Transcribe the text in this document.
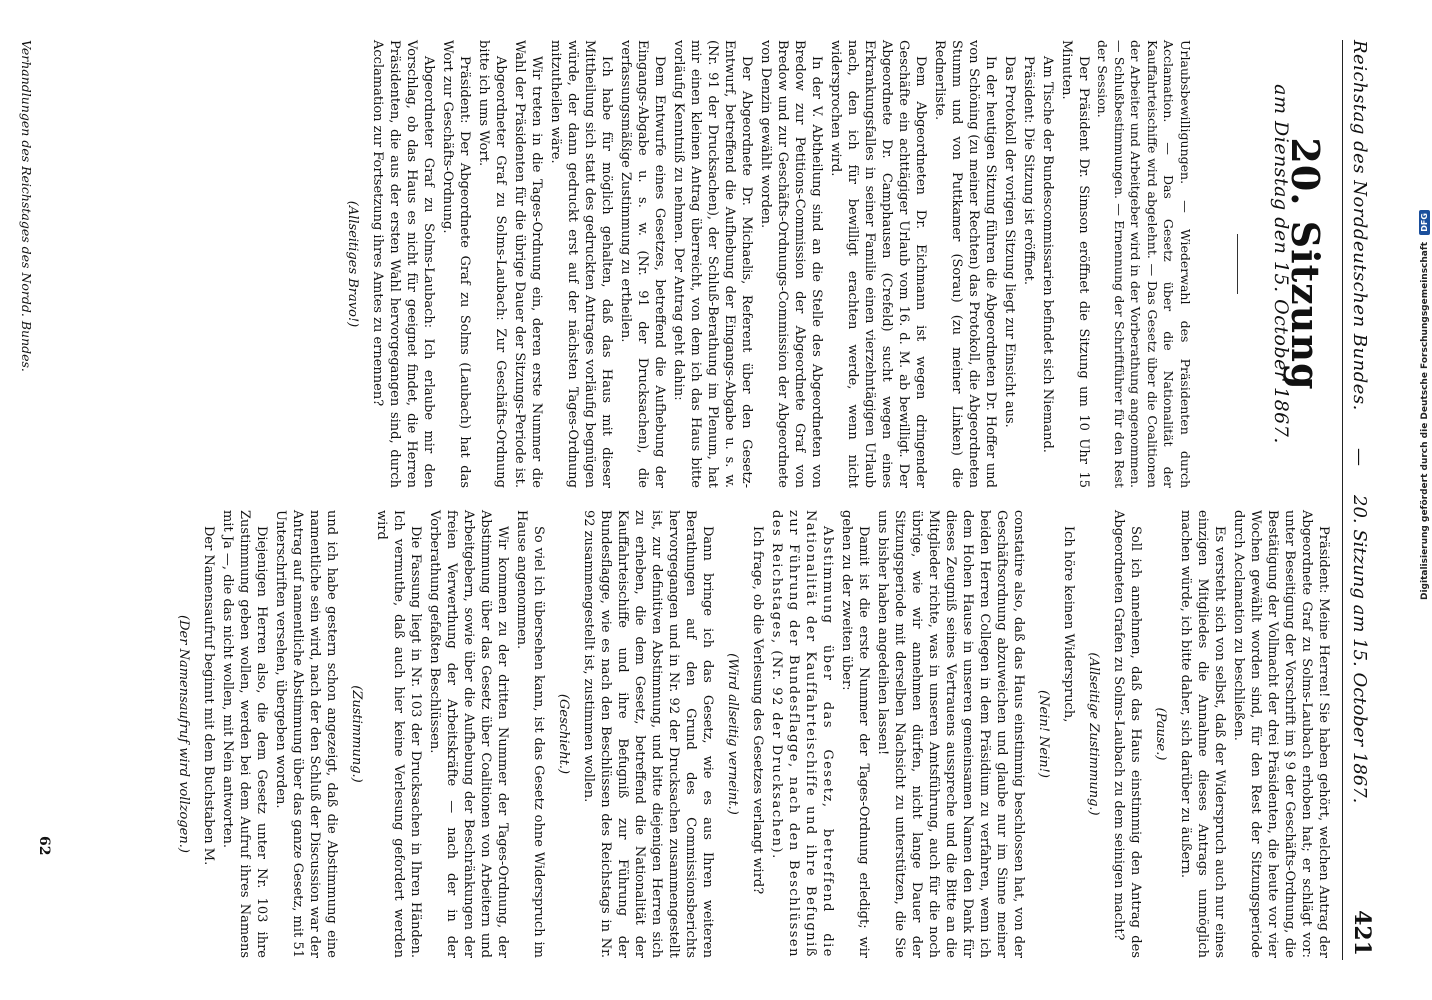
Reichstag des Norddeutschen Bundes.
—
20. Sitzung am 15. October 1867.
421
20. Sitzung
am Dienstag den 15. October 1867.

Urlaubsbewilligungen. — Wiederwahl des Präsidenten durch Acclamation. — Das Gesetz über die Nationalität der Kauffahrteischiffe wird abgelehnt. — Das Gesetz über die Coalitionen der Arbeiter und Arbeitgeber wird in der Vorberathung angenommen. — Schlußbestimmungen. — Ernennung der Schriftführer für den Rest der Session.

Der Präsident Dr. Simson eröffnet die Sitzung um 10 Uhr 15 Minuten.

Am Tische der Bundescommissarien befindet sich Niemand.

Präsident: Die Sitzung ist eröffnet.

Das Protokoll der vorigen Sitzung liegt zur Einsicht aus.

In der heutigen Sitzung führen die Abgeordneten Dr. Hoffer und von Schöning (zu meiner Rechten) das Protokoll, die Abgeordneten Stumm und von Puttkamer (Sorau) (zu meiner Linken) die Rednerliste.

Dem Abgeordneten Dr. Eichmann ist wegen dringender Geschäfte ein achttägiger Urlaub vom 16. d. M. ab bewilligt. Der Abgeordnete Dr. Camphausen (Crefeld) sucht wegen eines Erkrankungsfalles in seiner Familie einen vierzehntägigen Urlaub nach, den ich für bewilligt erachten werde, wenn nicht widersprochen wird.

In der V. Abtheilung sind an die Stelle des Abgeordneten von Bredow zur Petitions-Commission der Abgeordnete Graf von Bredow und zur Geschäfts-Ordnungs-Commission der Abgeordnete von Denzin gewählt worden.

Der Abgeordnete Dr. Michaelis, Referent über den Gesetz-Entwurf, betreffend die Aufhebung der Eingangs-Abgabe u. s. w. (Nr. 91 der Drucksachen), der Schluß-Berathung im Plenum, hat mir einen kleinen Antrag überreicht, von dem ich das Haus bitte vorläufig Kenntniß zu nehmen. Der Antrag geht dahin:

Dem Entwurfe eines Gesetzes, betreffend die Aufhebung der Eingangs-Abgabe u. s. w. (Nr. 91 der Drucksachen), die verfassungsmäßige Zustimmung zu ertheilen.

Ich habe für möglich gehalten, daß das Haus mit dieser Mittheilung sich statt des gedruckten Antrages vorläufig begnügen würde, der dann gedruckt erst auf der nächsten Tages-Ordnung mitzutheilen wäre.

Wir treten in die Tages-Ordnung ein, deren erste Nummer die Wahl der Präsidenten für die übrige Dauer der Sitzungs-Periode ist.

Abgeordneter Graf zu Solms-Laubach: Zur Geschäfts-Ordnung bitte ich ums Wort.

Präsident: Der Abgeordnete Graf zu Solms (Laubach) hat das Wort zur Geschäfts-Ordnung.

Abgeordneter Graf zu Solms-Laubach: Ich erlaube mir den Vorschlag, ob das Haus es nicht für geeignet findet, die Herren Präsidenten, die aus der ersten Wahl hervorgegangen sind, durch Acclamation zur Fortsetzung ihres Amtes zu ernennen?

(Allseitiges Bravo!)

Präsident: Meine Herren! Sie haben gehört, welchen Antrag der Abgeordnete Graf zu Solms-Laubach erhoben hat; er schlägt vor: unter Beseitigung der Vorschrift im § 9 der Geschäfts-Ordnung, die Bestätigung der Vollmacht der drei Präsidenten, die heute vor vier Wochen gewählt worden sind, für den Rest der Sitzungsperiode durch Acclamation zu beschließen.

Es versteht sich von selbst, daß der Widerspruch auch nur eines einzigen Mitgliedes die Annahme dieses Antrags unmöglich machen würde, ich bitte daher, sich darüber zu äußern.

(Pause.)

Soll ich annehmen, daß das Haus einstimmig den Antrag des Abgeordneten Grafen zu Solms-Laubach zu dem seinigen macht?

(Allseitige Zustimmung.)

Ich höre keinen Widerspruch,

(Nein! Nein!)

constatire also, daß das Haus einstimmig beschlossen hat, von der Geschäftsordnung abzuweichen und glaube nur im Sinne meiner beiden Herren Collegen in dem Präsidium zu verfahren, wenn ich dem Hohen Hause in unseren gemeinsamen Namen den Dank für dieses Zeugniß seines Vertrauens ausspreche und die Bitte an die Mitglieder richte, was in unseren Amtsführung, auch für die noch übrige, wie wir annehmen dürfen, nicht lange Dauer der Sitzungsperiode mit derselben Nachsicht zu unterstützen, die Sie uns bisher haben angedeihen lassen!

Damit ist die erste Nummer der Tages-Ordnung erledigt; wir gehen zu der zweiten über:

Abstimmung über das Gesetz, betreffend die Nationalität der Kauffahrteischiffe und ihre Befugniß zur Führung der Bundesflagge, nach den Beschlüssen des Reichstages, (Nr. 92 der Drucksachen).

Ich frage, ob die Verlesung des Gesetzes verlangt wird?

(Wird allseitig verneint.)

Dann bringe ich das Gesetz, wie es aus Ihren weiteren Berathungen auf den Grund des Commissionsberichts hervorgegangen und in Nr. 92 der Drucksachen zusammengestellt ist, zur definitiven Abstimmung, und bitte diejenigen Herren sich zu erheben, die dem Gesetz, betreffend die Nationalität der Kauffahrteischiffe und ihre Befugniß zur Führung der Bundesflagge, wie es nach den Beschlüssen des Reichstags in Nr. 92 zusammengestellt ist, zustimmen wollen.

(Geschieht.)

So viel ich übersehen kann, ist das Gesetz ohne Widerspruch im Hause angenommen.

Wir kommen zu der dritten Nummer der Tages-Ordnung, der Abstimmung über das Gesetz über Coalitionen von Arbeitern und Arbeitgebern, sowie über die Aufhebung der Beschränkungen der freien Verwerthung der Arbeitskräfte — nach der in der Vorberathung gefaßten Beschlüssen.

Die Fassung liegt in Nr. 103 der Drucksachen in Ihren Händen. Ich vermuthe, daß auch hier keine Verlesung gefordert werden wird

(Zustimmung.)

und ich habe gestern schon angezeigt, daß die Abstimmung eine namentliche sein wird, nach der den Schluß der Discussion war der Antrag auf namentliche Abstimmung über das ganze Gesetz, mit 51 Unterschriften versehen, übergeben worden.

Diejenigen Herren also, die dem Gesetz unter Nr. 103 ihre Zustimmung geben wollen, werden bei dem Aufruf ihres Namens mit Ja —, die das nicht wollen, mit Nein antworten.

Der Namensaufruf beginnt mit dem Buchstaben M.

(Der Namensaufruf wird vollzogen.)

Verhandlungen des Reichstages des Nordd. Bundes.
62
Digitalisierung gefördert durch die Deutsche Forschungsgemeinschaft DFG
